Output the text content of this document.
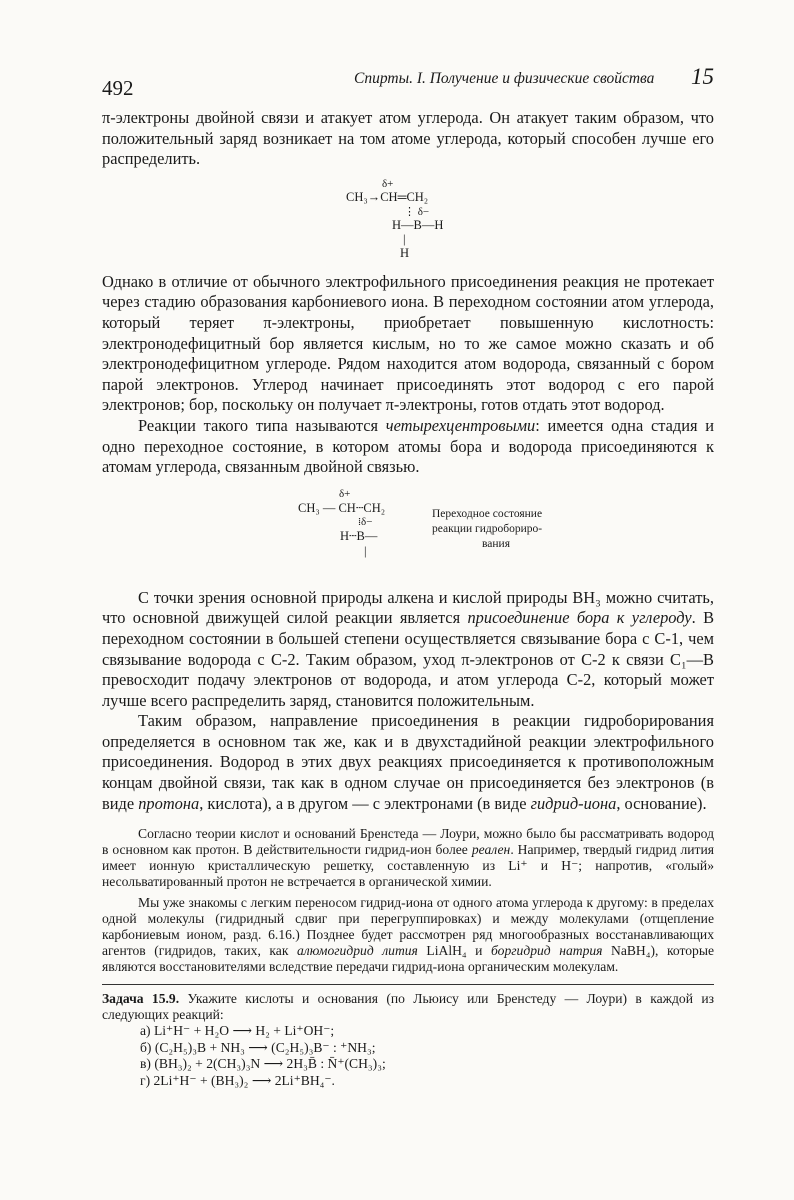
492	Спирты. I. Получение и физические свойства 15

π-электроны двойной связи и атакует атом углерода. Он атакует таким образом, что положительный заряд возникает на том атоме углерода, который способен лучше его распределить.

δ+
CH₃→CH═CH₂
⋮ δ−
H—B—H
|
H

Однако в отличие от обычного электрофильного присоединения реакция не протекает через стадию образования карбониевого иона. В переходном состоянии атом углерода, который теряет π-электроны, приобретает повышенную кислотность: электронодефицитный бор является кислым, но то же самое можно сказать и об электронодефицитном углероде. Рядом находится атом водорода, связанный с бором парой электронов. Углерод начинает присоединять этот водород с его парой электронов; бор, поскольку он получает π-электроны, готов отдать этот водород.

Реакции такого типа называются четырехцентровыми: имеется одна стадия и одно переходное состояние, в котором атомы бора и водорода присоединяются к атомам углерода, связанным двойной связью.

δ+
CH₃ — CH┄CH₂
⁞δ−
H┄B—
|
Переходное состояние
реакции гидроборирο-
вания

С точки зрения основной природы алкена и кислой природы BH₃ можно считать, что основной движущей силой реакции является присоединение бора к углероду. В переходном состоянии в большей степени осуществляется связывание бора с С-1, чем связывание водорода с С-2. Таким образом, уход π-электронов от С-2 к связи C₁—B превосходит подачу электронов от водорода, и атом углерода С-2, который может лучше всего распределить заряд, становится положительным.

Таким образом, направление присоединения в реакции гидроборирования определяется в основном так же, как и в двухстадийной реакции электрофильного присоединения. Водород в этих двух реакциях присоединяется к противоположным концам двойной связи, так как в одном случае он присоединяется без электронов (в виде протона, кислота), а в другом — с электронами (в виде гидрид-иона, основание).

Согласно теории кислот и оснований Бренстеда — Лоури, можно было бы рассматривать водород в основном как протон. В действительности гидрид-ион более реален. Например, твердый гидрид лития имеет ионную кристаллическую решетку, составленную из Li⁺ и H⁻; напротив, «голый» несольватированный протон не встречается в органической химии.

Мы уже знакомы с легким переносом гидрид-иона от одного атома углерода к другому: в пределах одной молекулы (гидридный сдвиг при перегруппировках) и между молекулами (отщепление карбониевым ионом, разд. 6.16.) Позднее будет рассмотрен ряд многообразных восстанавливающих агентов (гидридов, таких, как алюмогидрид лития LiAlH₄ и боргидрид натрия NaBH₄), которые являются восстановителями вследствие передачи гидрид-иона органическим молекулам.

Задача 15.9. Укажите кислоты и основания (по Льюису или Бренстеду — Лоури) в каждой из следующих реакций:

а) Li⁺H⁻ + H₂O ⟶ H₂ + Li⁺OH⁻;
б) (C₂H₅)₃B + NH₃ ⟶ (C₂H₅)₃B⁻ : ⁺NH₃;
в) (BH₃)₂ + 2(CH₃)₃N ⟶ 2H₃B̄ : N̄⁺(CH₃)₃;
г) 2Li⁺H⁻ + (BH₃)₂ ⟶ 2Li⁺BH₄⁻.
